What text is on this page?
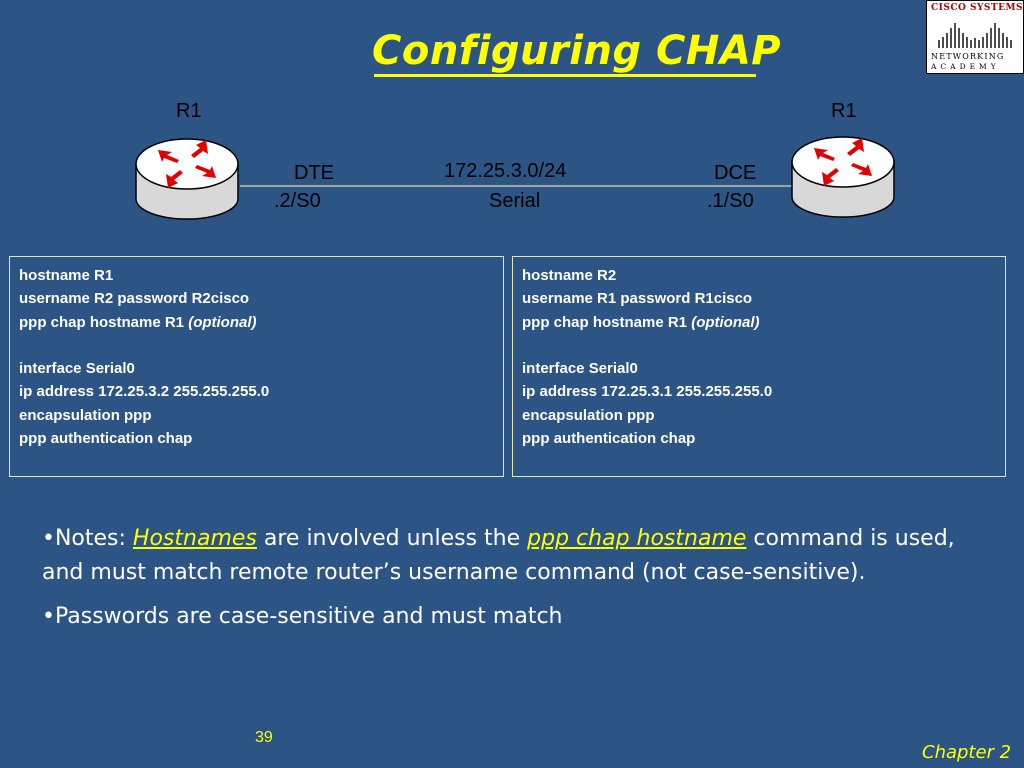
Configuring CHAP
CISCO SYSTEMS
NETWORKING
ACADEMY
R1	R1
DTE
.2/S0
172.25.3.0/24
Serial
DCE
.1/S0
hostname R1
username R2 password R2cisco
ppp chap hostname R1 (optional)
interface Serial0
ip address 172.25.3.2 255.255.255.0
encapsulation ppp
ppp authentication chap
hostname R2
username R1 password R1cisco
ppp chap hostname R1 (optional)
interface Serial0
ip address 172.25.3.1 255.255.255.0
encapsulation ppp
ppp authentication chap

•Notes: Hostnames are involved unless the ppp chap hostname command is used, and must match remote router’s username command (not case-sensitive).

•Passwords are case-sensitive and must match

39
Chapter 2
